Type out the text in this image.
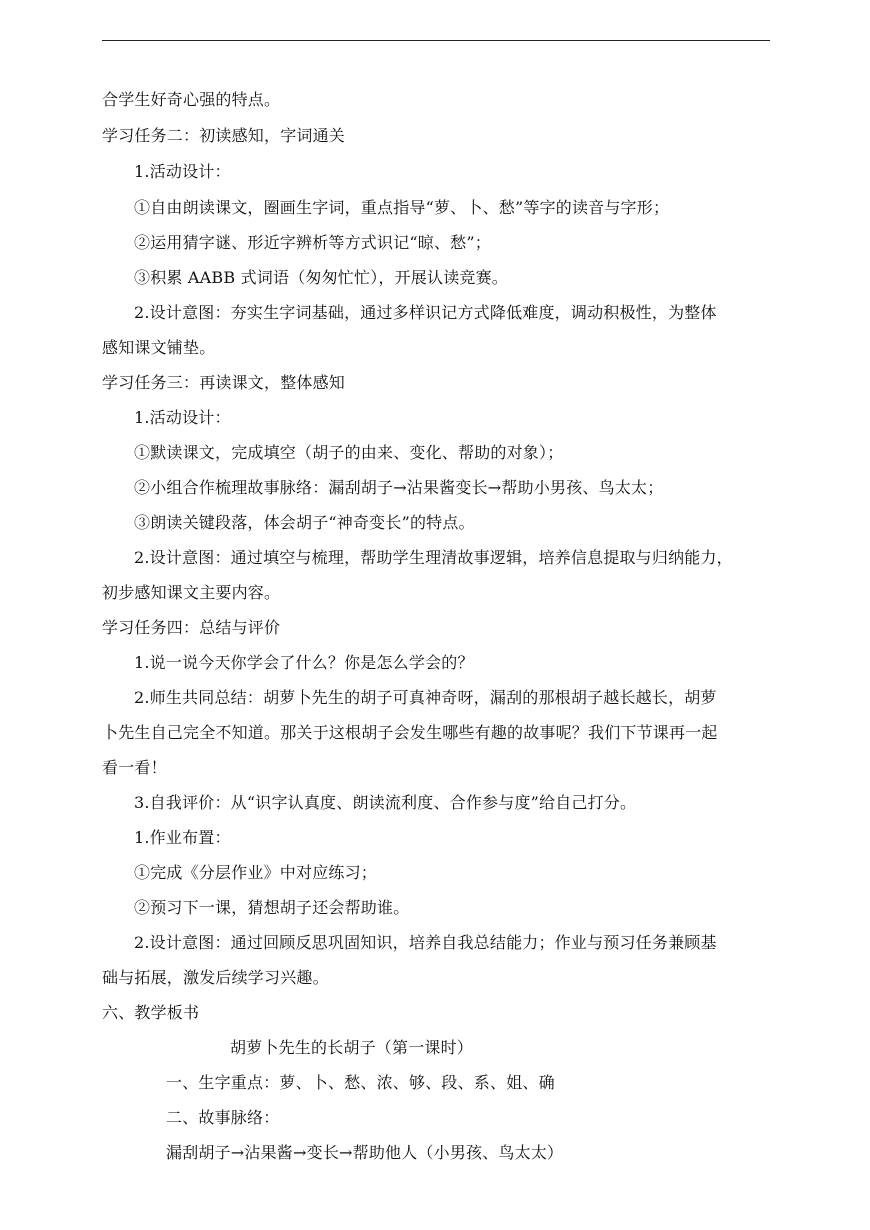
合学生好奇心强的特点。
学习任务二：初读感知，字词通关
1.活动设计：
①自由朗读课文，圈画生字词，重点指导“萝、卜、愁”等字的读音与字形；
②运用猜字谜、形近字辨析等方式识记“晾、愁”；
③积累 AABB 式词语（匆匆忙忙），开展认读竞赛。
2.设计意图：夯实生字词基础，通过多样识记方式降低难度，调动积极性，为整体
感知课文铺垫。
学习任务三：再读课文，整体感知
1.活动设计：
①默读课文，完成填空（胡子的由来、变化、帮助的对象）；
②小组合作梳理故事脉络：漏刮胡子→沾果酱变长→帮助小男孩、鸟太太；
③朗读关键段落，体会胡子“神奇变长”的特点。
2.设计意图：通过填空与梳理，帮助学生理清故事逻辑，培养信息提取与归纳能力，
初步感知课文主要内容。
学习任务四：总结与评价
1.说一说今天你学会了什么？你是怎么学会的？
2.师生共同总结：胡萝卜先生的胡子可真神奇呀，漏刮的那根胡子越长越长，胡萝
卜先生自己完全不知道。那关于这根胡子会发生哪些有趣的故事呢？我们下节课再一起
看一看！
3.自我评价：从“识字认真度、朗读流利度、合作参与度”给自己打分。
1.作业布置：
①完成《分层作业》中对应练习；
②预习下一课，猜想胡子还会帮助谁。
2.设计意图：通过回顾反思巩固知识，培养自我总结能力；作业与预习任务兼顾基
础与拓展，激发后续学习兴趣。
六、教学板书
胡萝卜先生的长胡子（第一课时）
一、生字重点：萝、卜、愁、浓、够、段、系、姐、确
二、故事脉络：
漏刮胡子→沾果酱→变长→帮助他人（小男孩、鸟太太）
